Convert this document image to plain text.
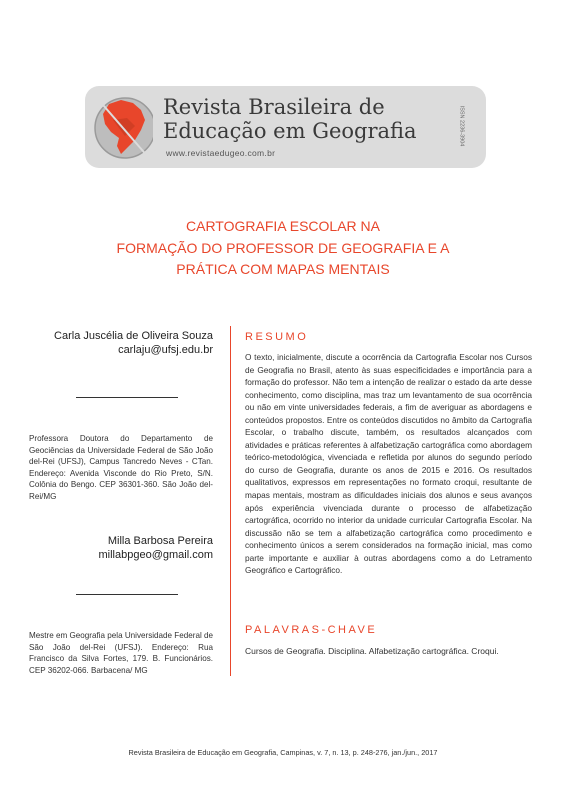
Revista Brasileira de
Educação em Geografia
www.revistaedugeo.com.br
ISSN 2236-3904
CARTOGRAFIA ESCOLAR NA
FORMAÇÃO DO PROFESSOR DE GEOGRAFIA E A
PRÁTICA COM MAPAS MENTAIS
Carla Juscélia de Oliveira Souza
carlaju@ufsj.edu.br
Professora Doutora do Departamento de Geociências da Universidade Federal de São João del-Rei (UFSJ), Campus Tancredo Neves - CTan. Endereço: Avenida Visconde do Rio Preto, S/N. Colônia do Bengo. CEP 36301-360. São João del-Rei/MG
Milla Barbosa Pereira
millabpgeo@gmail.com
Mestre em Geografia pela Universidade Federal de São João del-Rei (UFSJ). Endereço: Rua Francisco da Silva Fortes, 179. B. Funcionários. CEP 36202-066. Barbacena/ MG
RESUMO

O texto, inicialmente, discute a ocorrência da Cartografia Escolar nos Cursos de Geografia no Brasil, atento às suas especificidades e importância para a formação do professor. Não tem a intenção de realizar o estado da arte desse conhecimento, como disciplina, mas traz um levantamento de sua ocorrência ou não em vinte universidades federais, a fim de averiguar as abordagens e conteúdos propostos. Entre os conteúdos discutidos no âmbito da Cartografia Escolar, o trabalho discute, também, os resultados alcançados com atividades e práticas referentes à alfabetização cartográfica como abordagem teórico-metodológica, vivenciada e refletida por alunos do segundo período do curso de Geografia, durante os anos de 2015 e 2016. Os resultados qualitativos, expressos em representações no formato croqui, resultante de mapas mentais, mostram as dificuldades iniciais dos alunos e seus avanços após experiência vivenciada durante o processo de alfabetização cartográfica, ocorrido no interior da unidade curricular Cartografia Escolar. Na discussão não se tem a alfabetização cartográfica como procedimento e conhecimento únicos a serem considerados na formação inicial, mas como parte importante e auxiliar à outras abordagens como a do Letramento Geográfico e Cartográfico.

PALAVRAS-CHAVE

Cursos de Geografia. Disciplina. Alfabetização cartográfica. Croqui.

Revista Brasileira de Educação em Geografia, Campinas, v. 7, n. 13, p. 248-276, jan./jun., 2017
